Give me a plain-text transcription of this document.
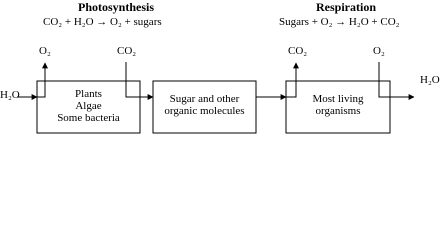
Photosynthesis
CO₂ + H₂O → O₂ + sugars
Respiration
Sugars + O₂ → H₂O + CO₂
O₂	CO₂
H₂O
CO₂	O₂
H₂O
Plants
Algae
Some bacteria
Sugar and other
organic molecules
Most living
organisms
